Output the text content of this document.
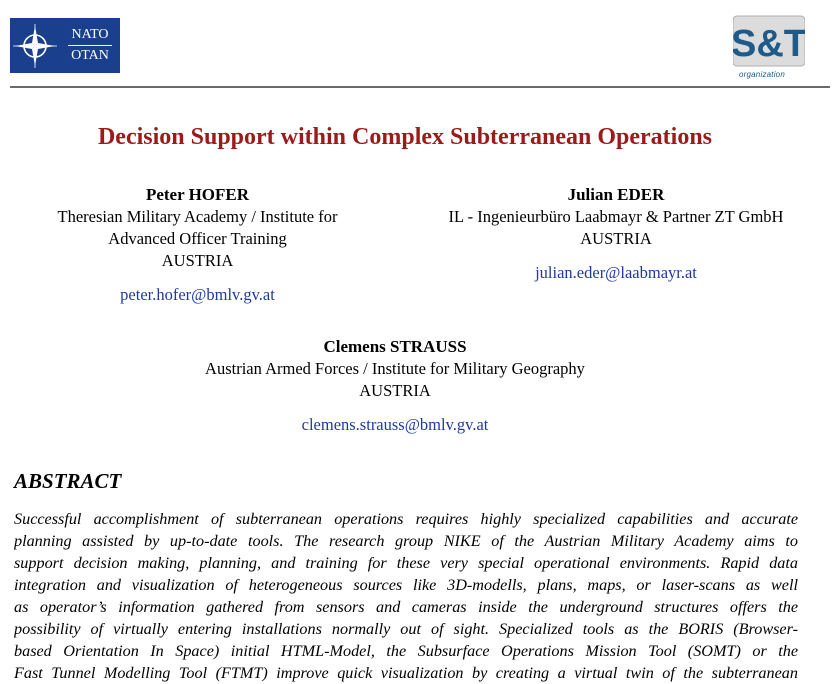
NATO
OTAN	S&T
organization
Decision Support within Complex Subterranean Operations
Peter HOFER
Theresian Military Academy / Institute for
Advanced Officer Training
AUSTRIA
peter.hofer@bmlv.gv.at
Julian EDER
IL - Ingenieurbüro Laabmayr & Partner ZT GmbH
AUSTRIA
julian.eder@laabmayr.at
Clemens STRAUSS
Austrian Armed Forces / Institute for Military Geography
AUSTRIA
clemens.strauss@bmlv.gv.at
ABSTRACT
Successful accomplishment of subterranean operations requires highly specialized capabilities and accurate
planning assisted by up-to-date tools. The research group NIKE of the Austrian Military Academy aims to
support decision making, planning, and training for these very special operational environments. Rapid data
integration and visualization of heterogeneous sources like 3D-modells, plans, maps, or laser-scans as well
as operator’s information gathered from sensors and cameras inside the underground structures offers the
possibility of virtually entering installations normally out of sight. Specialized tools as the BORIS (Browser-
based Orientation In Space) initial HTML-Model, the Subsurface Operations Mission Tool (SOMT) or the
Fast Tunnel Modelling Tool (FTMT) improve quick visualization by creating a virtual twin of the subterranean
